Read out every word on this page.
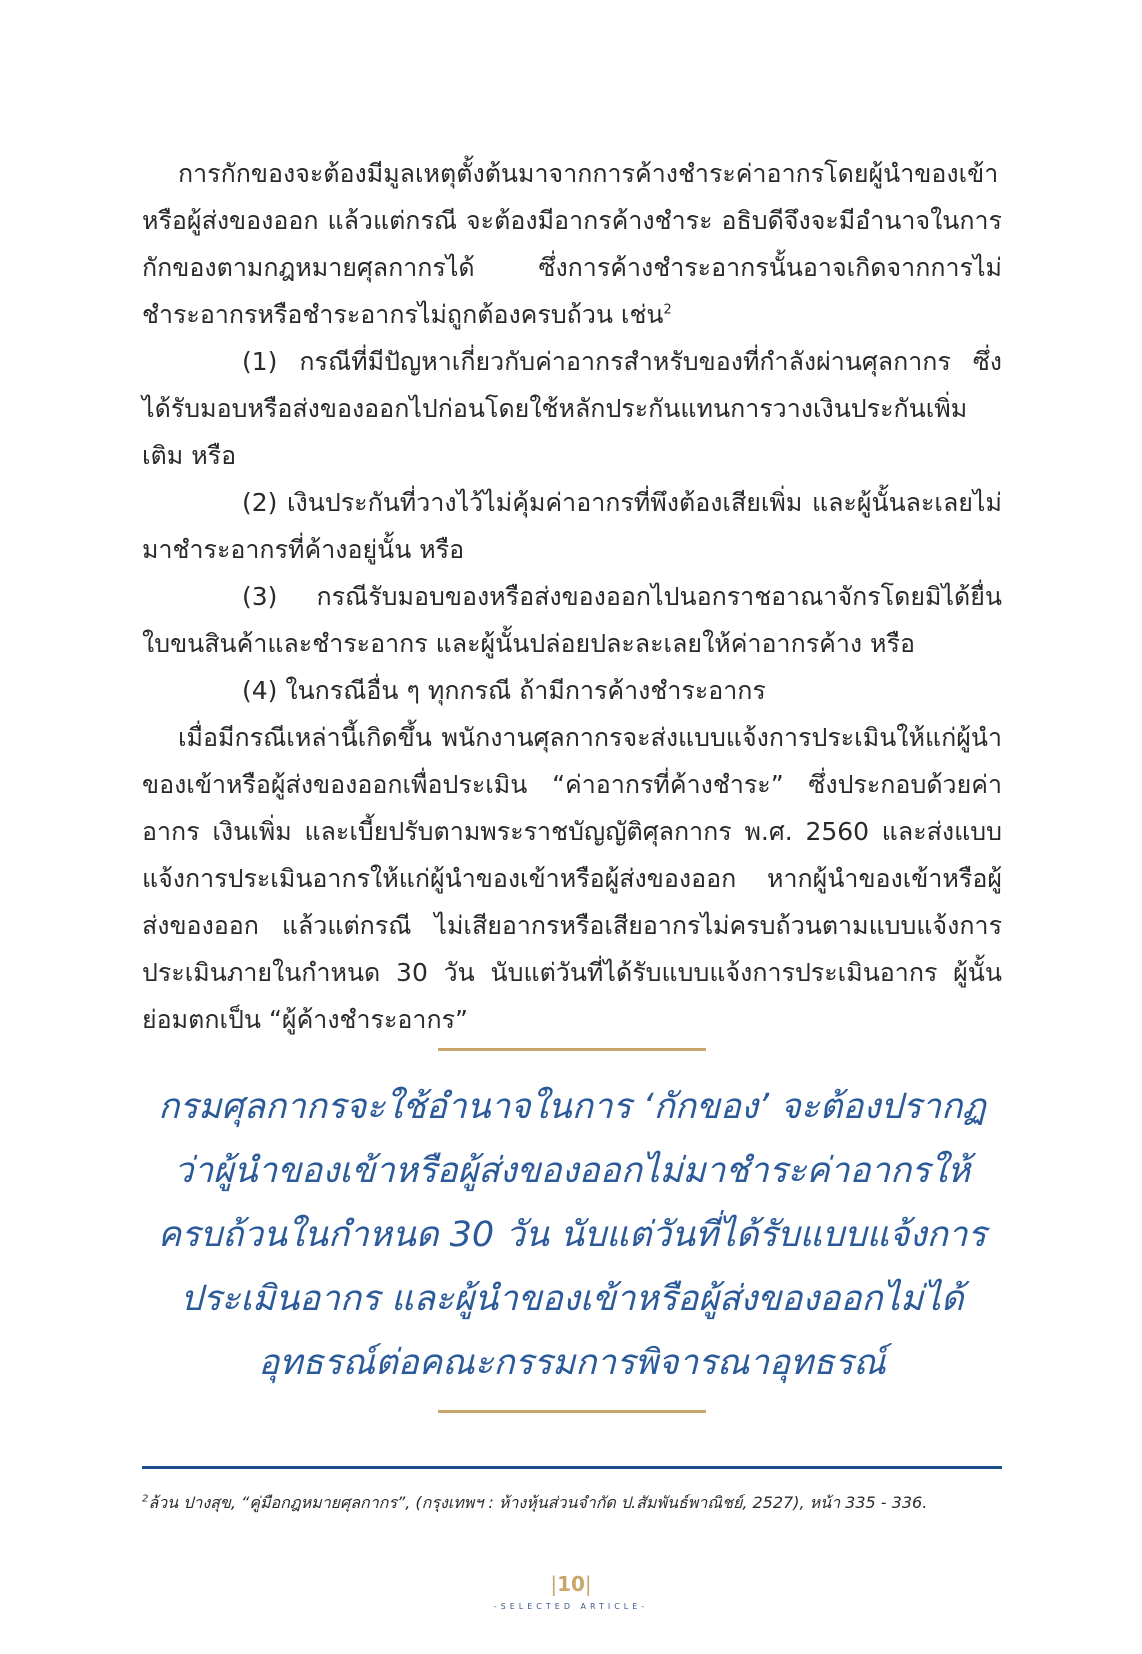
การกักของจะต้องมีมูลเหตุตั้งต้นมาจากการค้างชำระค่าอากรโดยผู้นำของเข้าหรือผู้ส่งของออก แล้วแต่กรณี จะต้องมีอากรค้างชำระ อธิบดีจึงจะมีอำนาจในการกักของตามกฎหมายศุลกากรได้ ซึ่งการค้างชำระอากรนั้นอาจเกิดจากการไม่ชำระอากรหรือชำระอากรไม่ถูกต้องครบถ้วน เช่น$^2$

(1) กรณีที่มีปัญหาเกี่ยวกับค่าอากรสำหรับของที่กำลังผ่านศุลกากร ซึ่งได้รับมอบหรือส่งของออกไปก่อนโดยใช้หลักประกันแทนการวางเงินประกันเพิ่มเติม หรือ

(2) เงินประกันที่วางไว้ไม่คุ้มค่าอากรที่พึงต้องเสียเพิ่ม และผู้นั้นละเลยไม่มาชำระอากรที่ค้างอยู่นั้น หรือ

(3) กรณีรับมอบของหรือส่งของออกไปนอกราชอาณาจักรโดยมิได้ยื่นใบขนสินค้าและชำระอากร และผู้นั้นปล่อยปละละเลยให้ค่าอากรค้าง หรือ

(4) ในกรณีอื่น ๆ ทุกกรณี ถ้ามีการค้างชำระอากร

เมื่อมีกรณีเหล่านี้เกิดขึ้น พนักงานศุลกากรจะส่งแบบแจ้งการประเมินให้แก่ผู้นำของเข้าหรือผู้ส่งของออกเพื่อประเมิน “ค่าอากรที่ค้างชำระ” ซึ่งประกอบด้วยค่าอากร เงินเพิ่ม และเบี้ยปรับตามพระราชบัญญัติศุลกากร พ.ศ. 2560 และส่งแบบแจ้งการประเมินอากรให้แก่ผู้นำของเข้าหรือผู้ส่งของออก หากผู้นำของเข้าหรือผู้ส่งของออก แล้วแต่กรณี ไม่เสียอากรหรือเสียอากรไม่ครบถ้วนตามแบบแจ้งการประเมินภายในกำหนด 30 วัน นับแต่วันที่ได้รับแบบแจ้งการประเมินอากร ผู้นั้นย่อมตกเป็น “ผู้ค้างชำระอากร”

กรมศุลกากรจะใช้อำนาจในการ ‘กักของ’ จะต้องปรากฏว่าผู้นำของเข้าหรือผู้ส่งของออกไม่มาชำระค่าอากรให้ครบถ้วนในกำหนด 30 วัน นับแต่วันที่ได้รับแบบแจ้งการประเมินอากร และผู้นำของเข้าหรือผู้ส่งของออกไม่ได้อุทธรณ์ต่อคณะกรรมการพิจารณาอุทธรณ์
$^2$ล้วน ปางสุข, “คู่มือกฎหมายศุลกากร”, (กรุงเทพฯ : ห้างหุ้นส่วนจำกัด ป.สัมพันธ์พาณิชย์, 2527), หน้า 335 - 336.
|10|
-SELECTED ARTICLE-
